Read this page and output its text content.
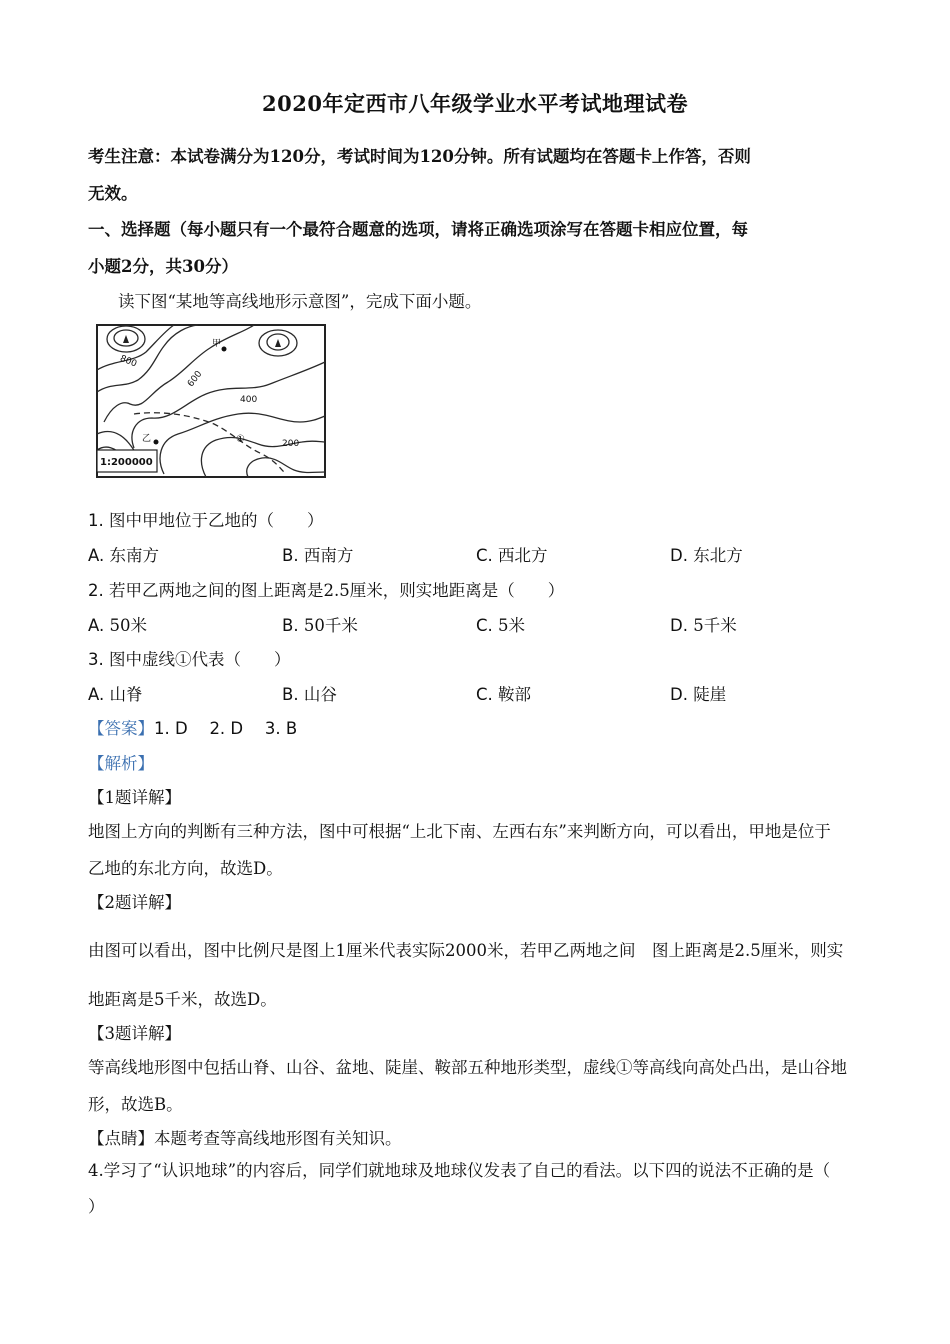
2020年定西市八年级学业水平考试地理试卷
考生注意：本试卷满分为120分，考试时间为120分钟。所有试题均在答题卡上作答，否则
无效。
一、选择题（每小题只有一个最符合题意的选项，请将正确选项涂写在答题卡相应位置，每
小题2分，共30分）
读下图“某地等高线地形示意图”，完成下面小题。
甲
乙
800
600
400
200
①
1:200000
1. 图中甲地位于乙地的（　　）
A. 东南方	B. 西南方	C. 西北方	D. 东北方
2. 若甲乙两地之间的图上距离是2.5厘米，则实地距离是（　　）
A. 50米	B. 50千米	C. 5米	D. 5千米
3. 图中虚线①代表（　　）
A. 山脊	B. 山谷	C. 鞍部	D. 陡崖
【答案】1. D　 2. D　 3. B
【解析】
【1题详解】
地图上方向的判断有三种方法，图中可根据“上北下南、左西右东”来判断方向，可以看出，甲地是位于
乙地的东北方向，故选D。
【2题详解】
由图可以看出，图中比例尺是图上1厘米代表实际2000米，若甲乙两地之间　图上距离是2.5厘米，则实
地距离是5千米，故选D。
【3题详解】
等高线地形图中包括山脊、山谷、盆地、陡崖、鞍部五种地形类型，虚线①等高线向高处凸出，是山谷地
形，故选B。
【点睛】本题考查等高线地形图有关知识。
4.学习了“认识地球”的内容后，同学们就地球及地球仪发表了自己的看法。以下四的说法不正确的是（
）
